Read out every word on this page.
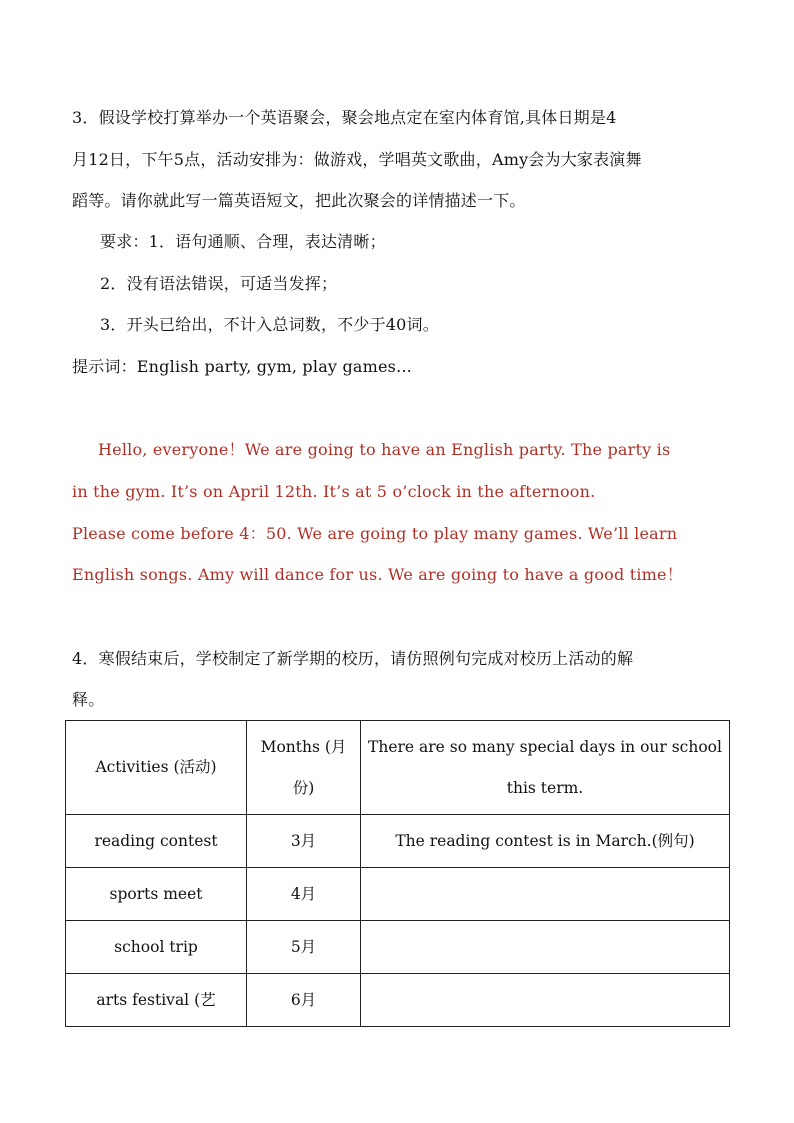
3．假设学校打算举办一个英语聚会，聚会地点定在室内体育馆,具体日期是4
月12日，下午5点，活动安排为：做游戏，学唱英文歌曲，Amy会为大家表演舞
蹈等。请你就此写一篇英语短文，把此次聚会的详情描述一下。
要求：1．语句通顺、合理，表达清晰；
2．没有语法错误，可适当发挥；
3．开头已给出，不计入总词数，不少于40词。
提示词：English party, gym, play games...
Hello, everyone！We are going to have an English party. The party is
in the gym. It’s on April 12th. It’s at 5 o’clock in the afternoon.
Please come before 4：50. We are going to play many games. We’ll learn
English songs. Amy will dance for us. We are going to have a good time！
4．寒假结束后，学校制定了新学期的校历，请仿照例句完成对校历上活动的解
释。
Activities (活动)	Months (月份)	There are so many special days in our school this term.
reading contest	3月	The reading contest is in March.(例句)
sports meet	4月	
school trip	5月	
arts festival (艺	6月	
